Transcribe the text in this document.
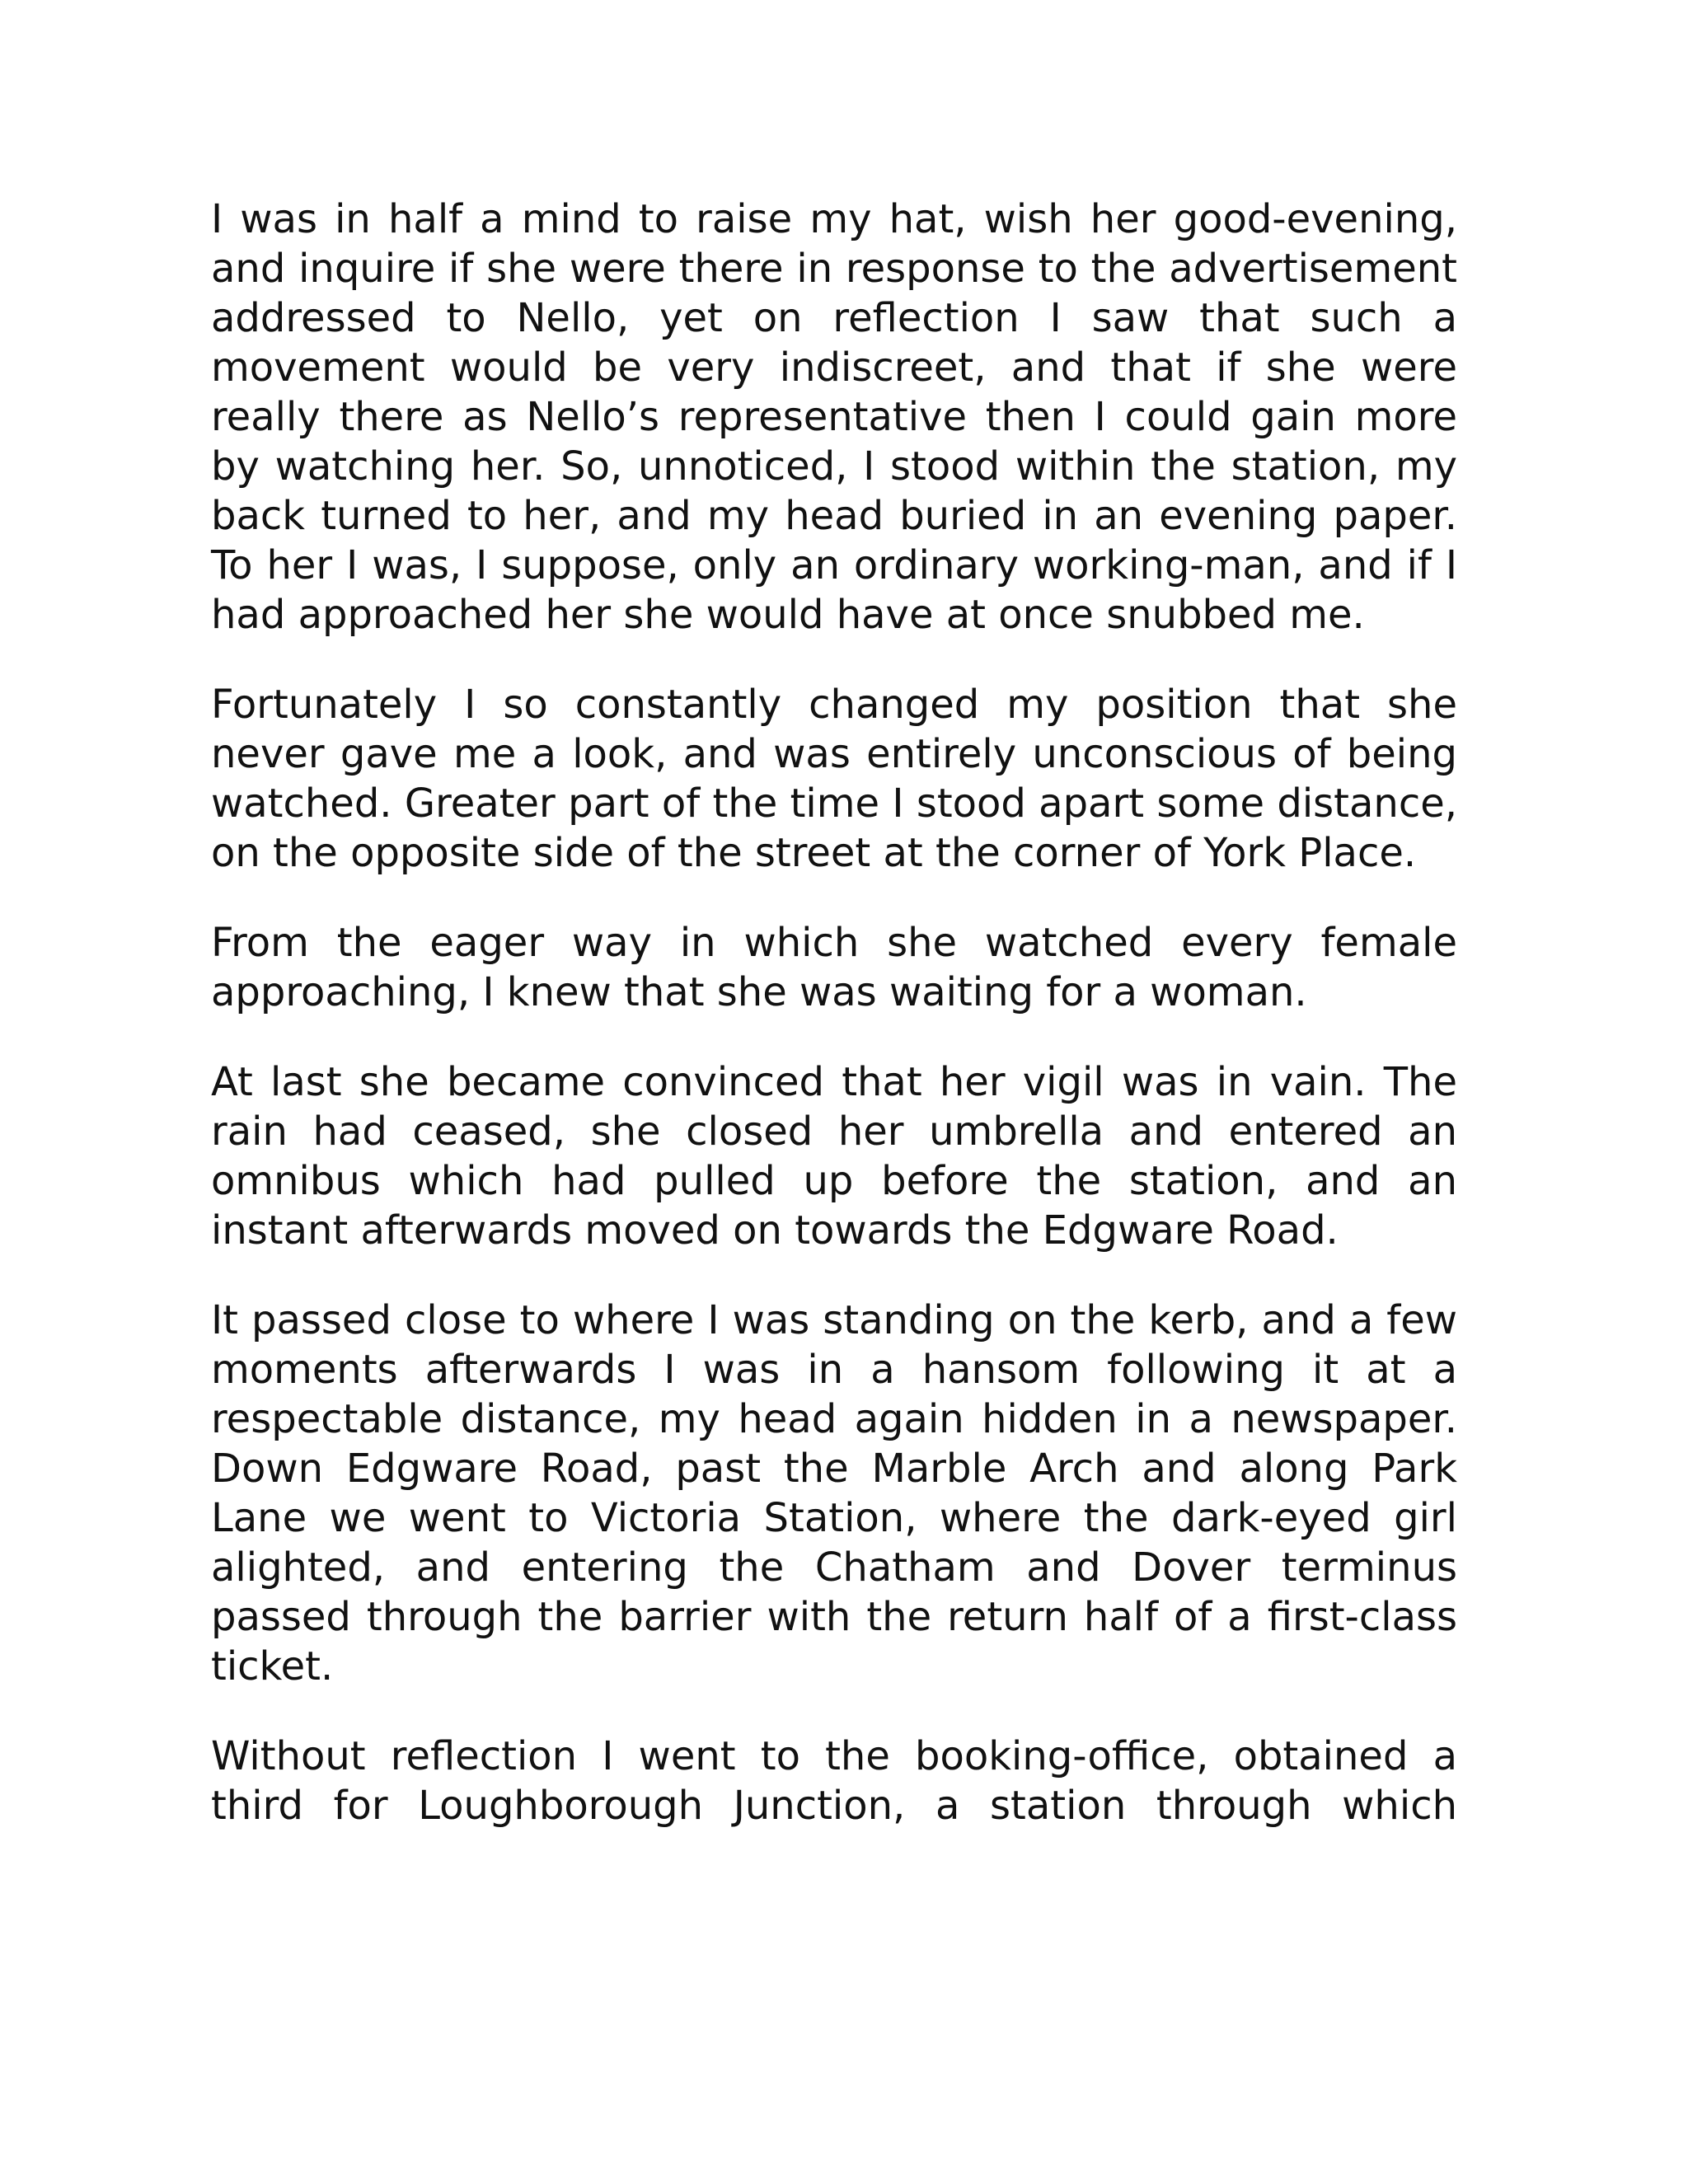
I was in half a mind to raise my hat, wish her good-evening, and inquire if she were there in response to the advertisement addressed to Nello, yet on reflection I saw that such a movement would be very indiscreet, and that if she were really there as Nello’s representative then I could gain more by watching her. So, unnoticed, I stood within the station, my back turned to her, and my head buried in an evening paper. To her I was, I suppose, only an ordinary working-man, and if I had approached her she would have at once snubbed me.

Fortunately I so constantly changed my position that she never gave me a look, and was entirely unconscious of being watched. Greater part of the time I stood apart some distance, on the opposite side of the street at the corner of York Place.

From the eager way in which she watched every female approaching, I knew that she was waiting for a woman.

At last she became convinced that her vigil was in vain. The rain had ceased, she closed her umbrella and entered an omnibus which had pulled up before the station, and an instant afterwards moved on towards the Edgware Road.

It passed close to where I was standing on the kerb, and a few moments afterwards I was in a hansom following it at a respectable distance, my head again hidden in a newspaper. Down Edgware Road, past the Marble Arch and along Park Lane we went to Victoria Station, where the dark-eyed girl alighted, and entering the Chatham and Dover terminus passed through the barrier with the return half of a first-class ticket.

Without reflection I went to the booking-office, obtained a third for Loughborough Junction, a station through which
